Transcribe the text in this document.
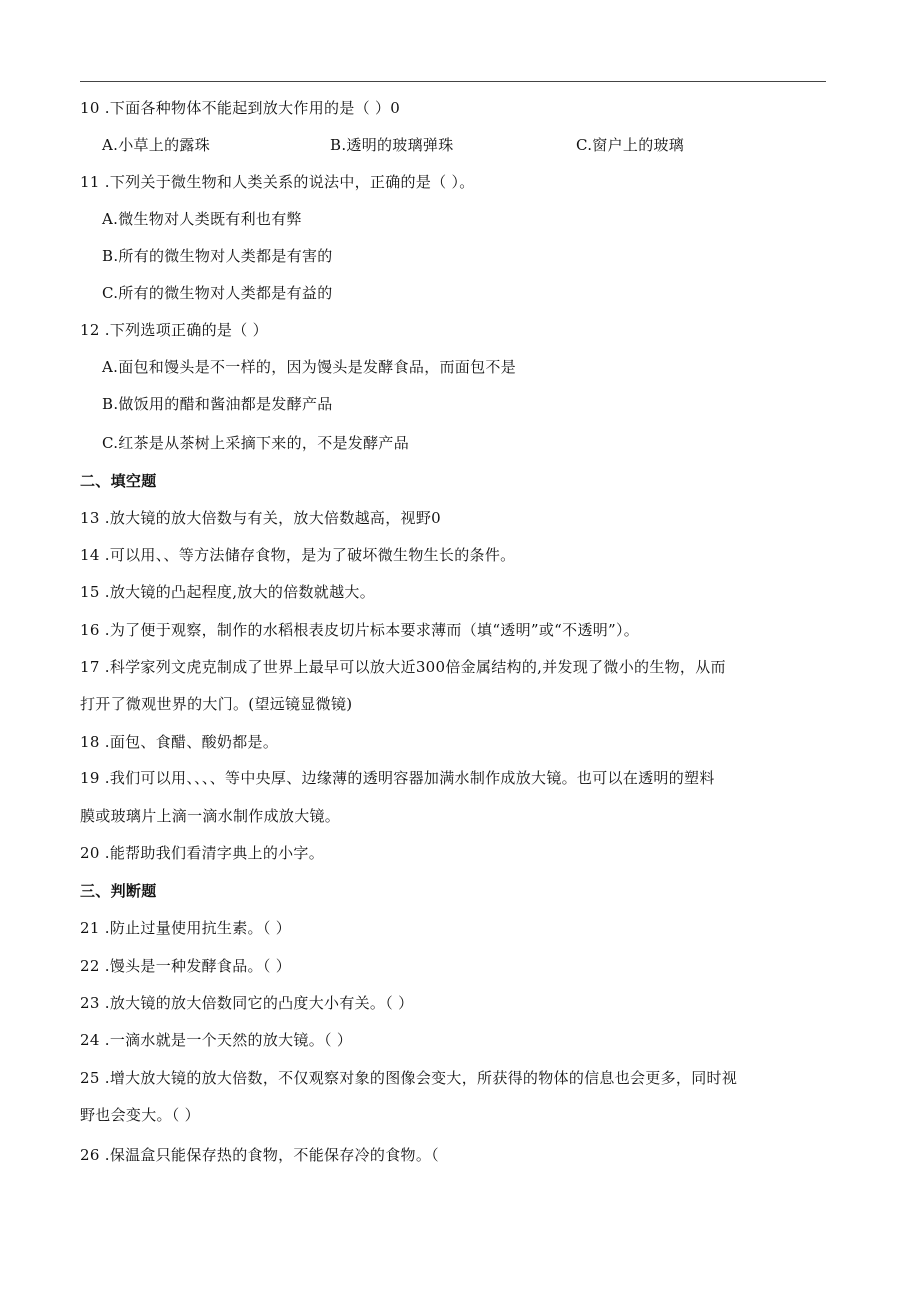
10 .下面各种物体不能起到放大作用的是（ ）0
A.小草上的露珠	B.透明的玻璃弹珠	C.窗户上的玻璃
11 .下列关于微生物和人类关系的说法中，正确的是（ ）。
A.微生物对人类既有利也有弊
B.所有的微生物对人类都是有害的
C.所有的微生物对人类都是有益的
12 .下列选项正确的是（ ）
A.面包和馒头是不一样的，因为馒头是发酵食品，而面包不是
B.做饭用的醋和酱油都是发酵产品
C.红茶是从茶树上采摘下来的，不是发酵产品
二、填空题
13 .放大镜的放大倍数与有关，放大倍数越高，视野0
14 .可以用、、等方法储存食物，是为了破坏微生物生长的条件。
15 .放大镜的凸起程度,放大的倍数就越大。
16 .为了便于观察，制作的水稻根表皮切片标本要求薄而（填“透明”或“不透明”）。
17 .科学家列文虎克制成了世界上最早可以放大近300倍金属结构的,并发现了微小的生物，从而
打开了微观世界的大门。(望远镜显微镜)
18 .面包、食醋、酸奶都是。
19 .我们可以用、、、、等中央厚、边缘薄的透明容器加满水制作成放大镜。也可以在透明的塑料
膜或玻璃片上滴一滴水制作成放大镜。
20 .能帮助我们看清字典上的小字。
三、判断题
21 .防止过量使用抗生素。（ ）
22 .馒头是一种发酵食品。（ ）
23 .放大镜的放大倍数同它的凸度大小有关。（ ）
24 .一滴水就是一个天然的放大镜。（ ）
25 .增大放大镜的放大倍数，不仅观察对象的图像会变大，所获得的物体的信息也会更多，同时视
野也会变大。（ ）
26 .保温盒只能保存热的食物，不能保存冷的食物。（
